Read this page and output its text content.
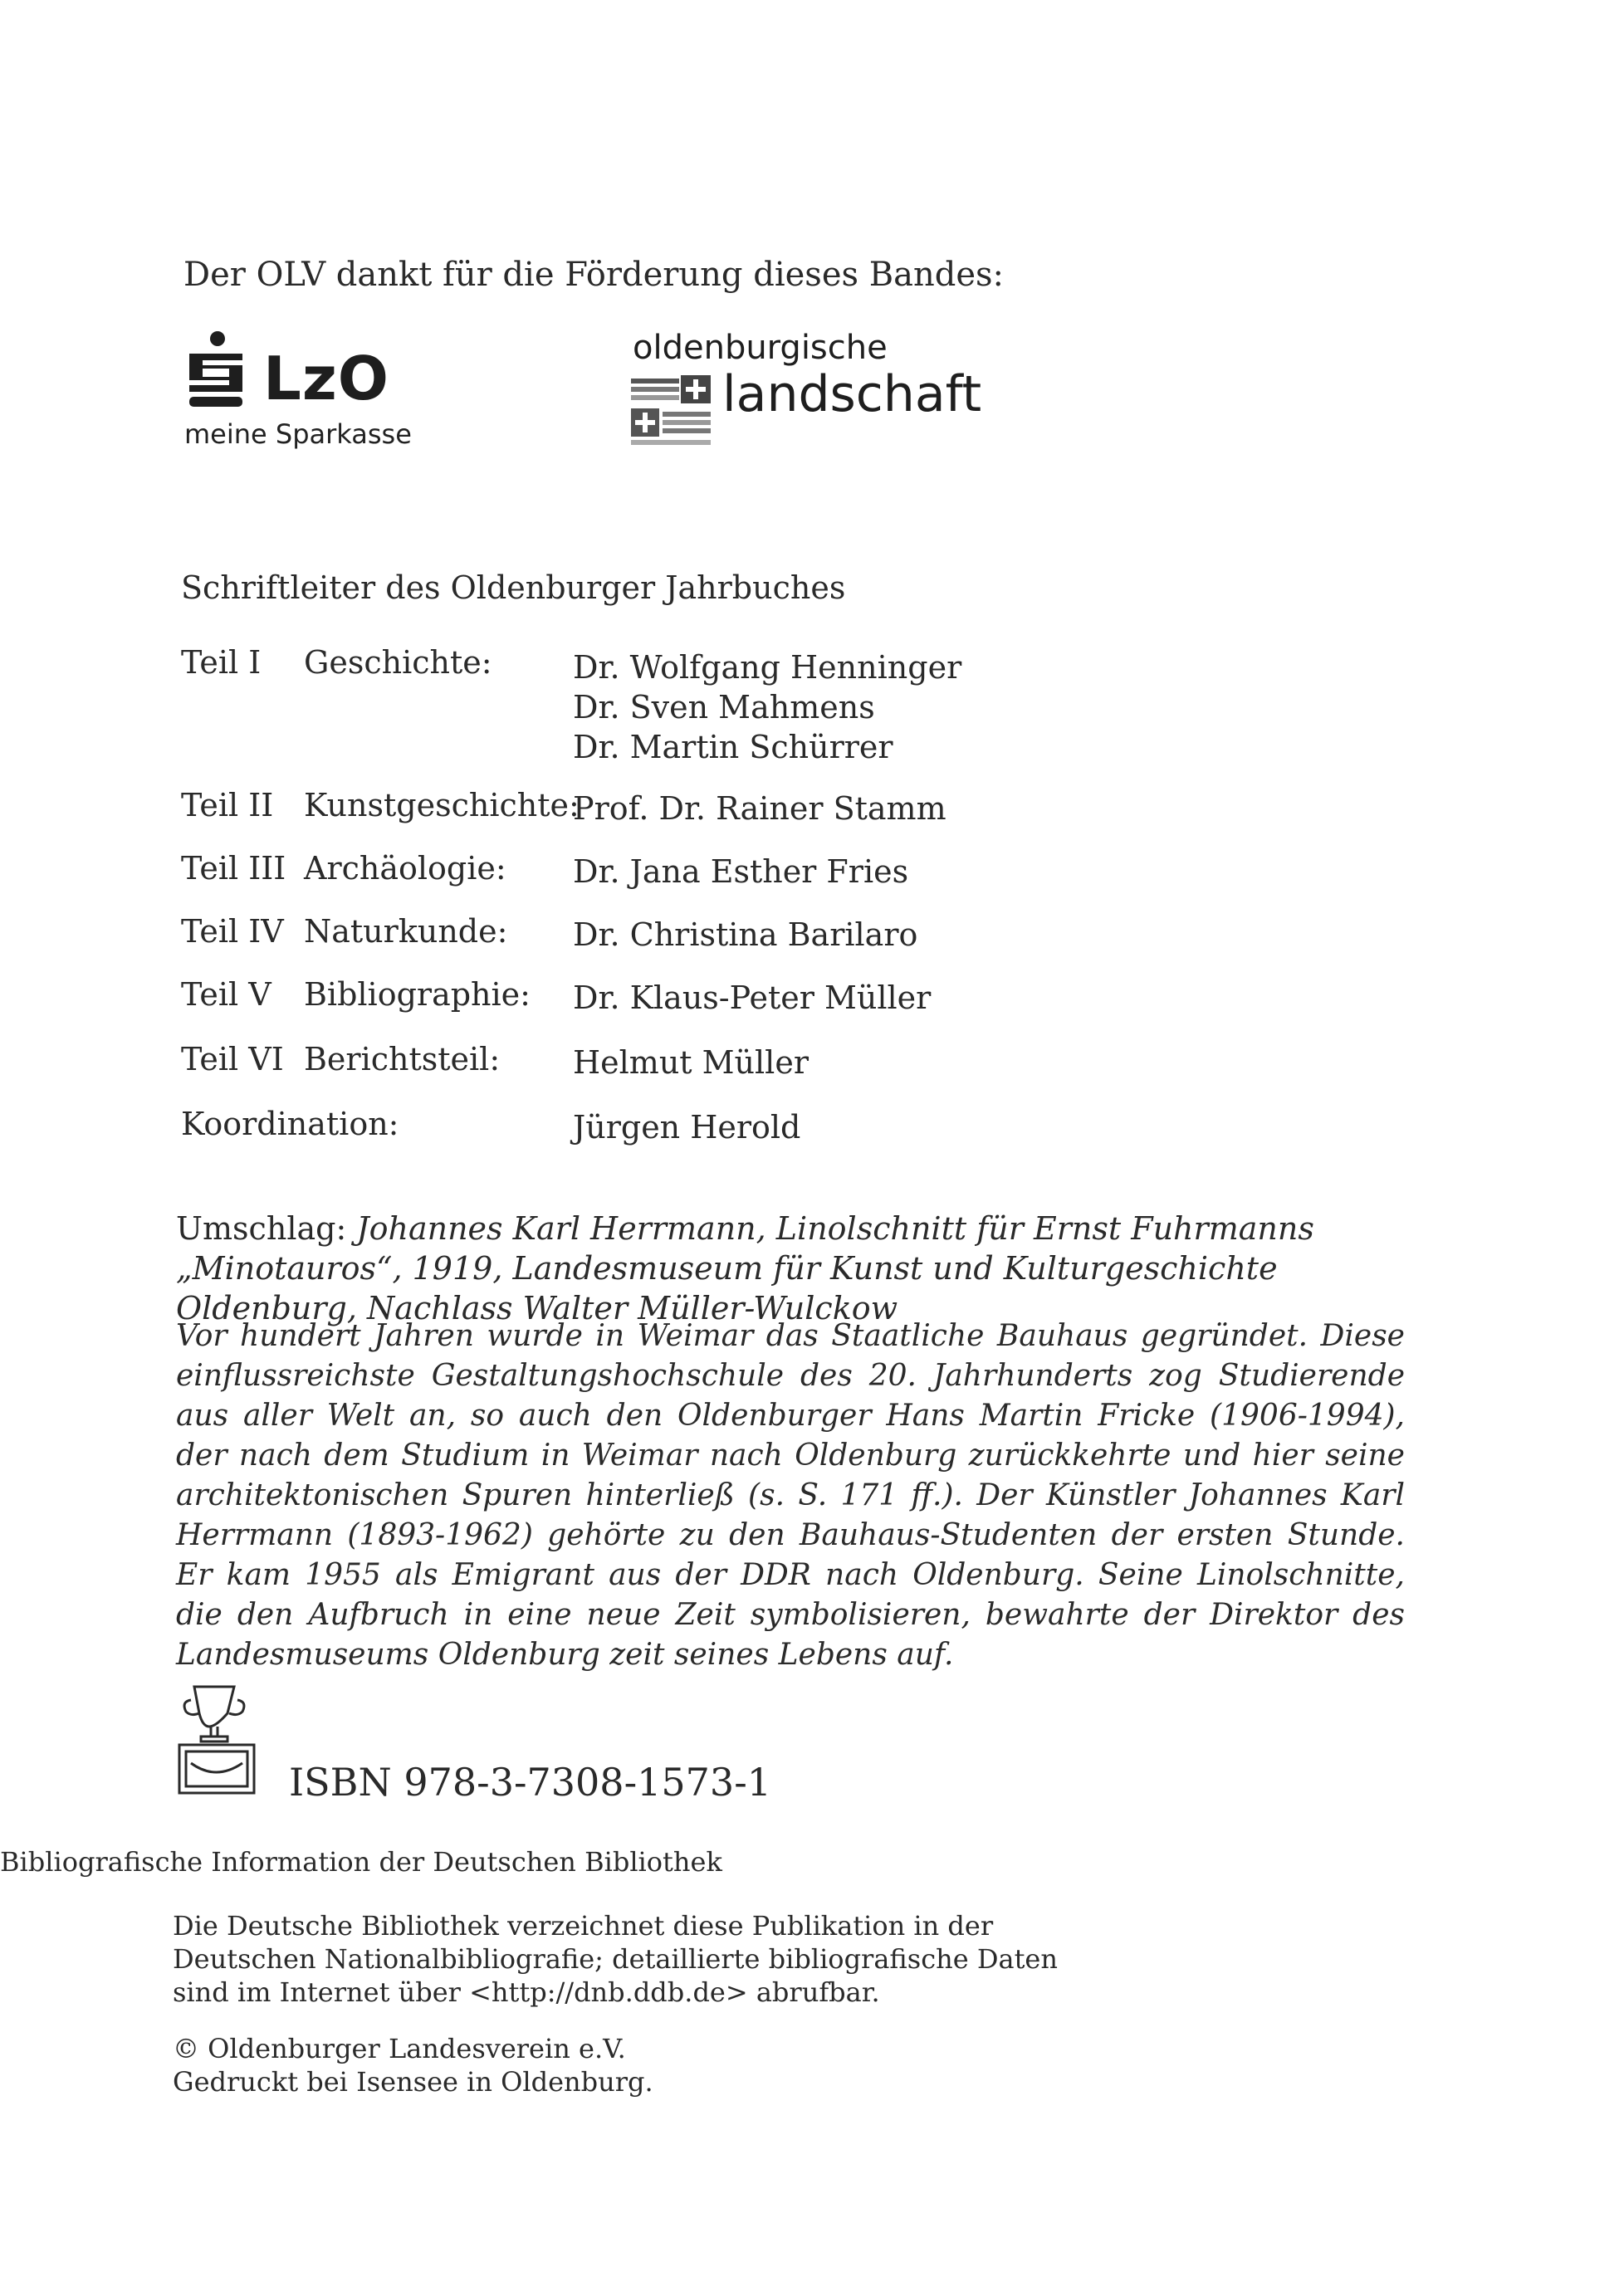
Der OLV dankt für die Förderung dieses Bandes:
LzO
meine Sparkasse
oldenburgische
landschaft
Schriftleiter des Oldenburger Jahrbuches
Teil I Geschichte:	Dr. Wolfgang Henninger
Dr. Sven Mahmens
Dr. Martin Schürrer
Teil II Kunstgeschichte:
Prof. Dr. Rainer Stamm
Teil III Archäologie: Dr. Jana Esther Fries
Teil IV Naturkunde: Dr. Christina Barilaro
Teil V Bibliographie: Dr. Klaus-Peter Müller
Teil VI Berichtsteil: Helmut Müller
Koordination:	Jürgen Herold
Umschlag: Johannes Karl Herrmann, Linolschnitt für Ernst Fuhrmanns „Minotauros“, 1919, Landesmuseum für Kunst und Kulturgeschichte Oldenburg, Nachlass Walter Müller-Wulckow
Vor hundert Jahren wurde in Weimar das Staatliche Bauhaus gegründet. Diese einflussreichste Gestaltungshochschule des 20. Jahrhunderts zog Studierende aus aller Welt an, so auch den Oldenburger Hans Martin Fricke (1906-1994), der nach dem Studium in Weimar nach Oldenburg zurückkehrte und hier seine architektonischen Spuren hinterließ (s. S. 171 ff.). Der Künstler Johannes Karl Herrmann (1893-1962) gehörte zu den Bauhaus-Studenten der ersten Stunde. Er kam 1955 als Emigrant aus der DDR nach Oldenburg. Seine Linolschnitte, die den Aufbruch in eine neue Zeit symbolisieren, bewahrte der Direktor des Landesmuseums Oldenburg zeit seines Lebens auf.
ISBN 978-3-7308-1573-1
Bibliografische Information der Deutschen Bibliothek
Die Deutsche Bibliothek verzeichnet diese Publikation in der
Deutschen Nationalbibliografie; detaillierte bibliografische Daten
sind im Internet über <http://dnb.ddb.de> abrufbar.
© Oldenburger Landesverein e.V.
Gedruckt bei Isensee in Oldenburg.
